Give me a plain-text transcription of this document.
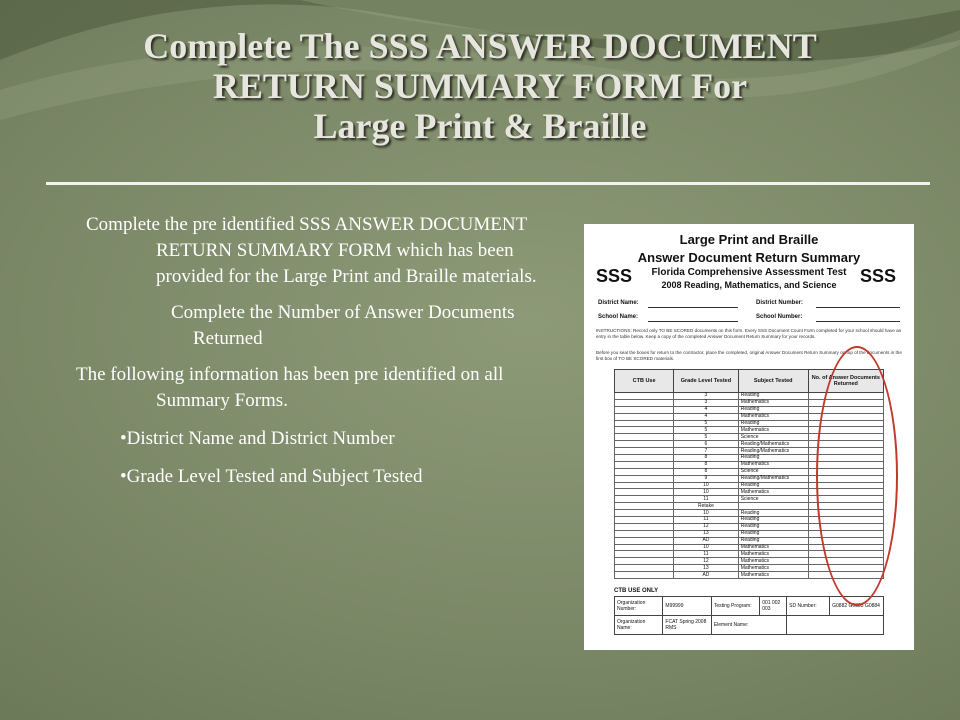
Complete The SSS ANSWER DOCUMENT
RETURN SUMMARY FORM For
Large Print & Braille
Complete the pre identified SSS ANSWER DOCUMENT RETURN SUMMARY FORM which has been provided for the Large Print and Braille materials.
Complete the Number of Answer Documents Returned
The following information has been pre identified on all Summary Forms.
•District Name and District Number
•Grade Level Tested and Subject Tested
Large Print and Braille
Answer Document Return Summary
Florida Comprehensive Assessment Test
2008 Reading, Mathematics, and Science
SSS	SSS
District Name:	District Number:
School Name:	School Number:
INSTRUCTIONS: Record only TO BE SCORED documents on this form. Every SSS Document Count Form completed for your school should have an entry in the table below. Keep a copy of the completed Answer Document Return Summary for your records.
Before you seal the boxes for return to the contractor, place the completed, original Answer Document Return Summary on top of the documents in the first box of TO BE SCORED materials.
CTB Use	Grade Level Tested	Subject Tested	No. of Answer Documents Returned
	3	Reading	
	3	Mathematics	
	4	Reading	
	4	Mathematics	
	5	Reading	
	5	Mathematics	
	5	Science	
	6	Reading/Mathematics	
	7	Reading/Mathematics	
	8	Reading	
	8	Mathematics	
	8	Science	
	9	Reading/Mathematics	
	10	Reading	
	10	Mathematics	
	11	Science	
	Retake		
	10	Reading	
	11	Reading	
	12	Reading	
	13	Reading	
	AD	Reading	
	10	Mathematics	
	11	Mathematics	
	12	Mathematics	
	13	Mathematics	
	AD	Mathematics	
CTB USE ONLY
Organization Number:	M99999	Testing Program:	001 002 003	SD Number:	G0882 G0883 G0884
Organization Name:	FCAT Spring 2008 RMS	Element Name:			
